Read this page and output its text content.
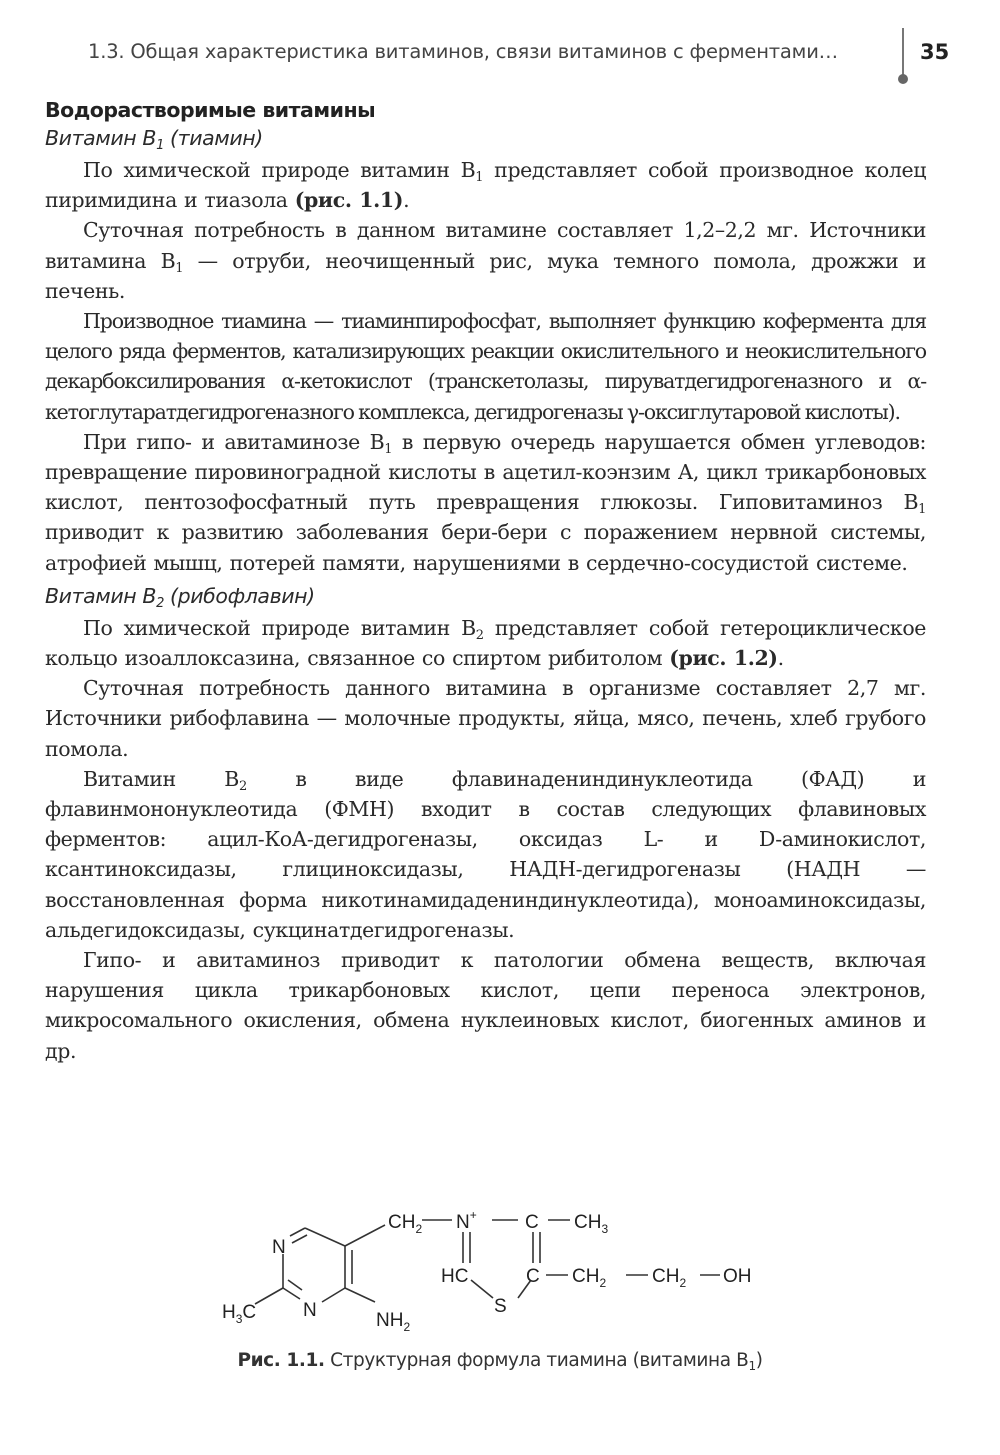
1.3. Общая характеристика витаминов, связи витаминов с ферментами…	35
Водорастворимые витамины
Витамин $B_1$ (тиамин)

По химической природе витамин $B_1$ представляет собой производное колец пиримидина и тиазола (рис. 1.1).

Суточная потребность в данном витамине составляет 1,2–2,2 мг. Источники витамина $B_1$ — отруби, неочищенный рис, мука темного помола, дрожжи и печень.

Производное тиамина — тиаминпирофосфат, выполняет функцию кофермента для целого ряда ферментов, катализирующих реакции окислительного и неокислительного декарбоксилирования α-кетокислот (транскетолазы, пируватдегидрогеназного и α-кетоглутаратдегидрогеназного комплекса, дегидрогеназы γ-оксиглутаровой кислоты).

При гипо- и авитаминозе $B_1$ в первую очередь нарушается обмен углеводов: превращение пировиноградной кислоты в ацетил-коэнзим А, цикл трикарбоновых кислот, пентозофосфатный путь превращения глюкозы. Гиповитаминоз $B_1$ приводит к развитию заболевания бери-бери с поражением нервной системы, атрофией мышц, потерей памяти, нарушениями в сердечно-сосудистой системе.

Витамин $B_2$ (рибофлавин)

По химической природе витамин $B_2$ представляет собой гетероциклическое кольцо изоаллоксазина, связанное со спиртом рибитолом (рис. 1.2).

Суточная потребность данного витамина в организме составляет 2,7 мг. Источники рибофлавина — молочные продукты, яйца, мясо, печень, хлеб грубого помола.

Витамин $B_2$ в виде флавинадениндинуклеотида (ФАД) и флавинмононуклеотида (ФМН) входит в состав следующих флавиновых ферментов: ацил-КоА-дегидрогеназы, оксидаз L- и D-аминокислот, ксантиноксидазы, глициноксидазы, НАДН-дегидрогеназы (НАДН — восстановленная форма никотинамидадениндинуклеотида), моноаминоксидазы, альдегидоксидазы, сукцинатдегидрогеназы.

Гипо- и авитаминоз приводит к патологии обмена веществ, включая нарушения цикла трикарбоновых кислот, цепи переноса электронов, микросомального окисления, обмена нуклеиновых кислот, биогенных аминов и др.

N
N
$H_3C$	$NH_2$
$CH_2$ N+	C $CH_3$
HC	C
S
$CH_2$ $CH_2$ OH
Рис. 1.1. Структурная формула тиамина (витамина $B_1$)
